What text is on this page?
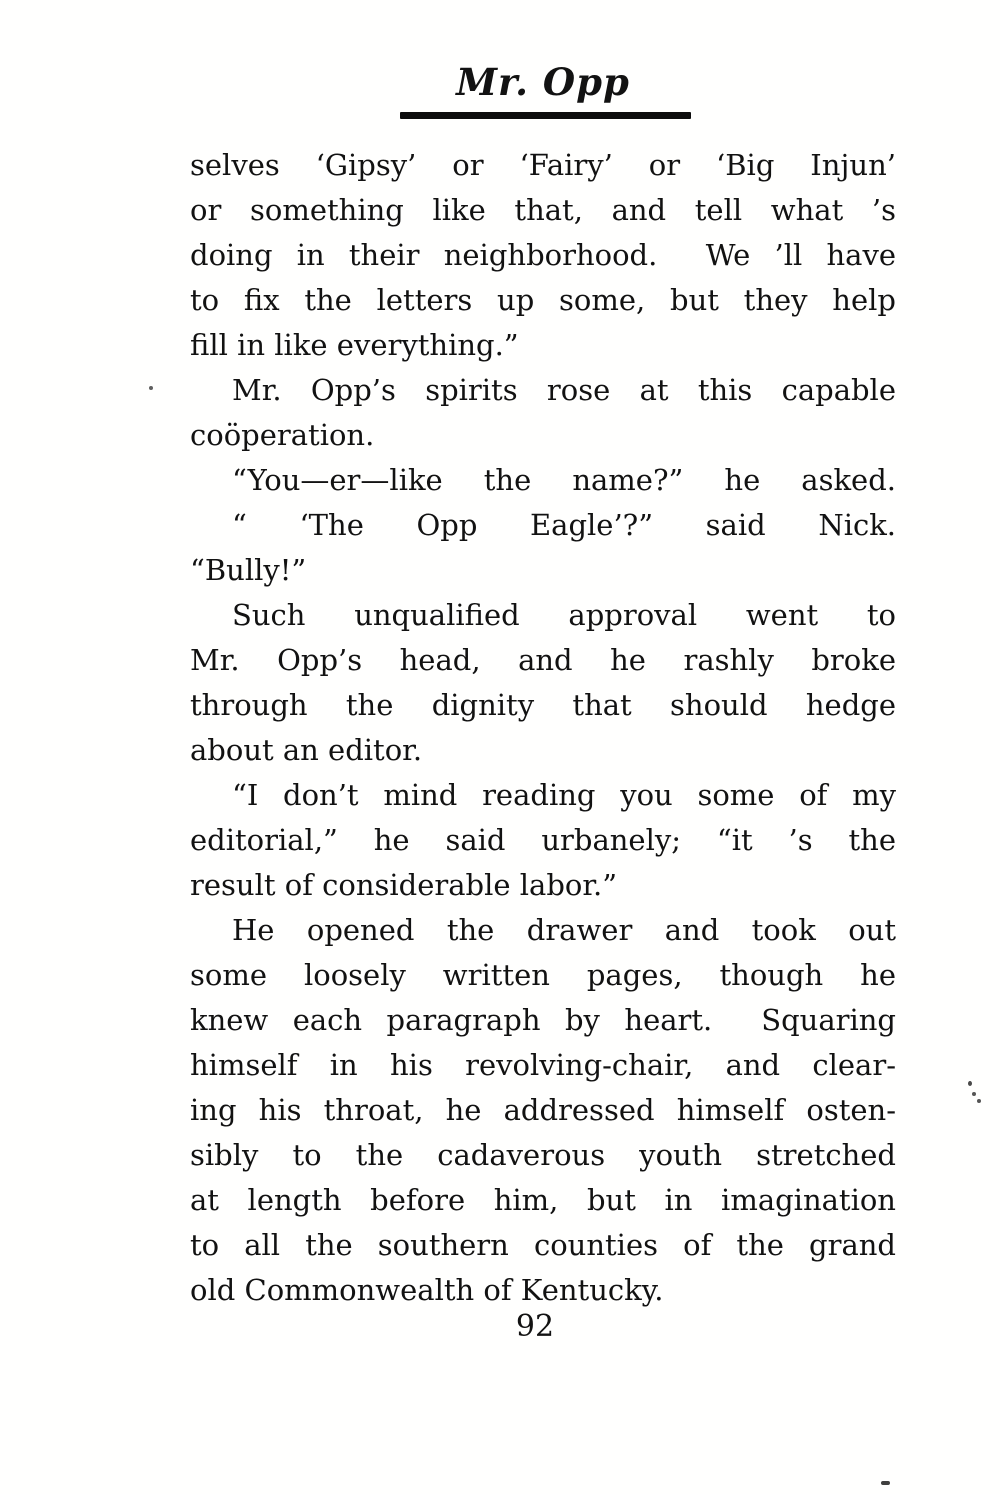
Mr. Opp
selves ‘Gipsy’ or ‘Fairy’ or ‘Big Injun’
or something like that, and tell what ’s
doing in their neighborhood.  We ’ll have
to fix the letters up some, but they help
fill in like everything.”
Mr. Opp’s spirits rose at this capable
coöperation.
“You—er—like the name?” he asked.
“ ‘The Opp Eagle’?” said Nick.
“Bully!”
Such unqualified approval went to
Mr. Opp’s head, and he rashly broke
through the dignity that should hedge
about an editor.
“I don’t mind reading you some of my
editorial,” he said urbanely; “it ’s the
result of considerable labor.”
He opened the drawer and took out
some loosely written pages, though he
knew each paragraph by heart.  Squaring
himself in his revolving-chair, and clear-
ing his throat, he addressed himself osten-
sibly to the cadaverous youth stretched
at length before him, but in imagination
to all the southern counties of the grand
old Commonwealth of Kentucky.
92
